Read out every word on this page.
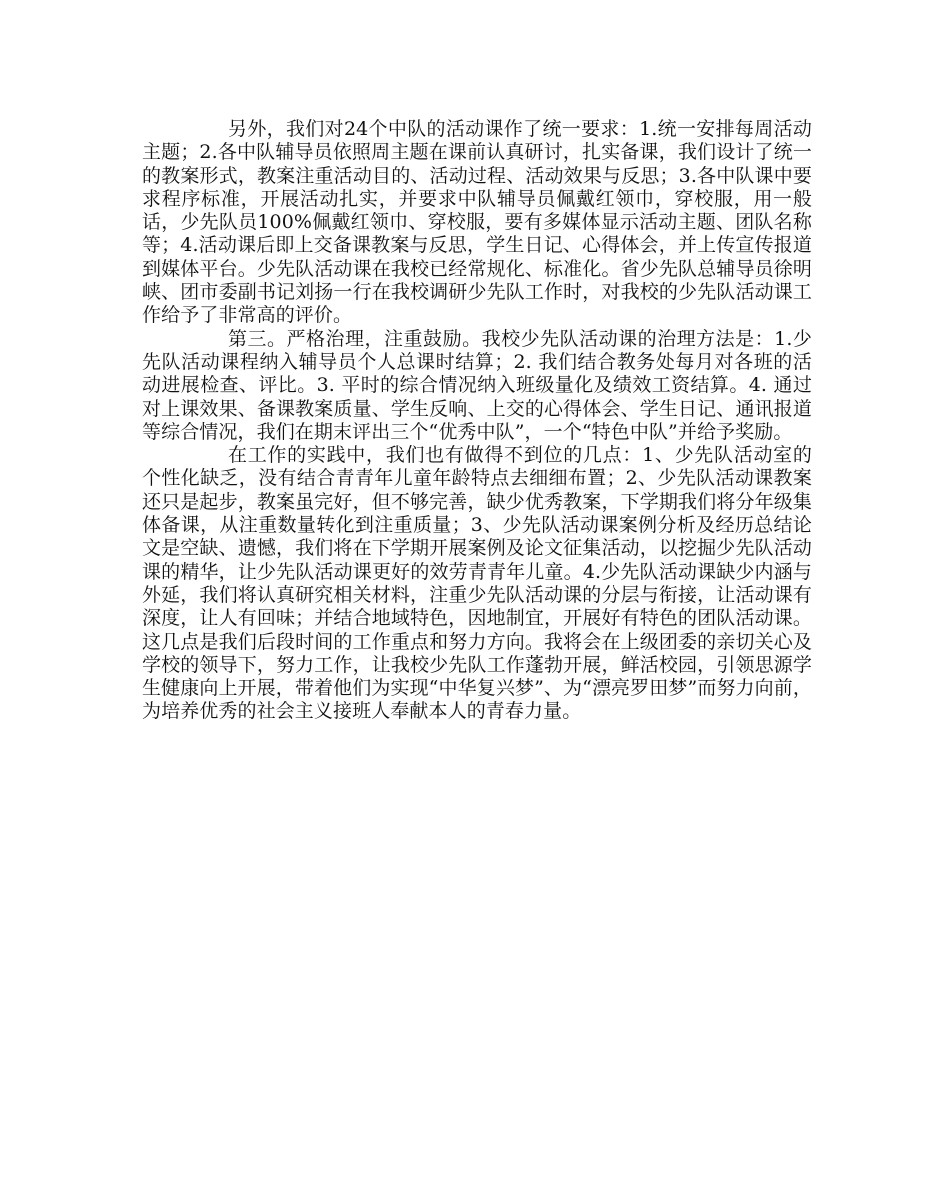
另外，我们对24个中队的活动课作了统一要求：1.统一安排每周活动主题；2.各中队辅导员依照周主题在课前认真研讨，扎实备课，我们设计了统一的教案形式，教案注重活动目的、活动过程、活动效果与反思；3.各中队课中要求程序标准，开展活动扎实，并要求中队辅导员佩戴红领巾，穿校服，用一般话，少先队员100%佩戴红领巾、穿校服，要有多媒体显示活动主题、团队名称等；4.活动课后即上交备课教案与反思，学生日记、心得体会，并上传宣传报道到媒体平台。少先队活动课在我校已经常规化、标准化。省少先队总辅导员徐明峡、团市委副书记刘扬一行在我校调研少先队工作时，对我校的少先队活动课工作给予了非常高的评价。

第三。严格治理，注重鼓励。我校少先队活动课的治理方法是：1.少先队活动课程纳入辅导员个人总课时结算；2. 我们结合教务处每月对各班的活动进展检查、评比。3. 平时的综合情况纳入班级量化及绩效工资结算。4. 通过对上课效果、备课教案质量、学生反响、上交的心得体会、学生日记、通讯报道等综合情况，我们在期末评出三个“优秀中队”，一个“特色中队”并给予奖励。

在工作的实践中，我们也有做得不到位的几点：1、少先队活动室的个性化缺乏，没有结合青青年儿童年龄特点去细细布置；2、少先队活动课教案还只是起步，教案虽完好，但不够完善，缺少优秀教案，下学期我们将分年级集体备课，从注重数量转化到注重质量；3、少先队活动课案例分析及经历总结论文是空缺、遗憾，我们将在下学期开展案例及论文征集活动，以挖掘少先队活动课的精华，让少先队活动课更好的效劳青青年儿童。4.少先队活动课缺少内涵与外延，我们将认真研究相关材料，注重少先队活动课的分层与衔接，让活动课有深度，让人有回味；并结合地域特色，因地制宜，开展好有特色的团队活动课。这几点是我们后段时间的工作重点和努力方向。我将会在上级团委的亲切关心及学校的领导下，努力工作，让我校少先队工作蓬勃开展，鲜活校园，引领思源学生健康向上开展，带着他们为实现“中华复兴梦”、为“漂亮罗田梦”而努力向前，为培养优秀的社会主义接班人奉献本人的青春力量。
